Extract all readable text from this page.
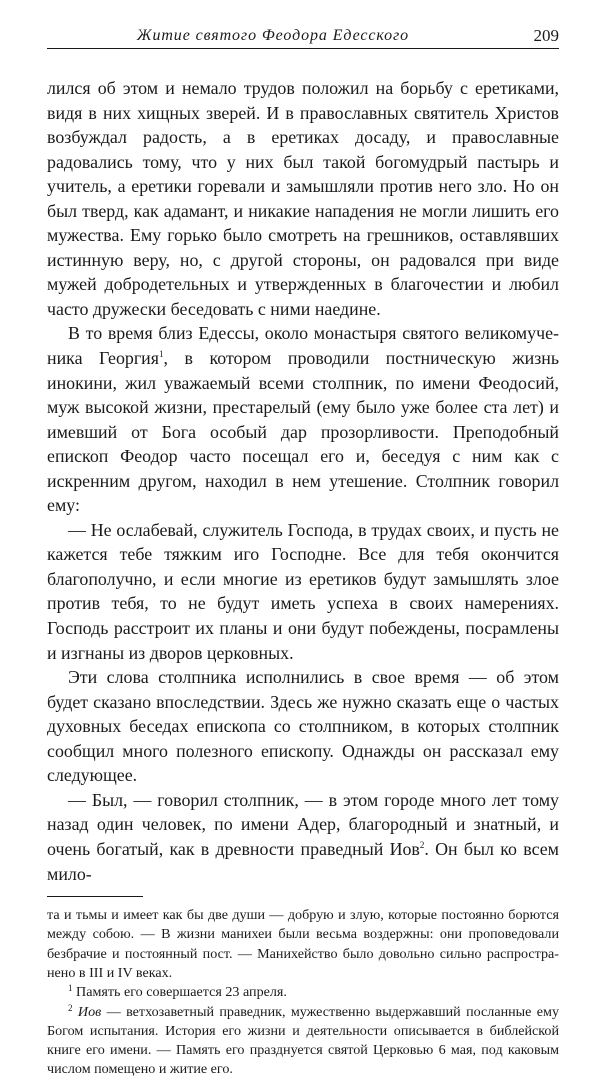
Житие святого Феодора Едесского	209

лился об этом и немало трудов положил на борьбу с еретиками, видя в них хищных зверей. И в православных святитель Христов возбуждал радость, а в еретиках досаду, и православные радовались тому, что у них был такой богомудрый пастырь и учитель, а еретики горевали и замышляли против него зло. Но он был тверд, как адамант, и никакие нападения не могли лишить его мужества. Ему горько было смотреть на грешников, оставлявших истинную веру, но, с другой стороны, он радовался при виде мужей добродетельных и утвержденных в благочестии и любил часто дружески беседовать с ними наедине.

В то время близ Едессы, около монастыря святого великомученика Георгия$^1$, в котором проводили постническую жизнь инокини, жил уважаемый всеми столпник, по имени Феодосий, муж высокой жизни, престарелый (ему было уже более ста лет) и имевший от Бога особый дар прозорливости. Преподобный епископ Феодор часто посещал его и, беседуя с ним как с искренним другом, находил в нем утешение. Столпник говорил ему:

— Не ослабевай, служитель Господа, в трудах своих, и пусть не кажется тебе тяжким иго Господне. Все для тебя окончится благополучно, и если многие из еретиков будут замышлять злое против тебя, то не будут иметь успеха в своих намерениях. Господь расстроит их планы и они будут побеждены, посрамлены и изгнаны из дворов церковных.

Эти слова столпника исполнились в свое время — об этом будет сказано впоследствии. Здесь же нужно сказать еще о частых духовных беседах епископа со столпником, в которых столпник сообщил много полезного епископу. Однажды он рассказал ему следующее.

— Был, — говорил столпник, — в этом городе много лет тому назад один человек, по имени Адер, благородный и знатный, и очень богатый, как в древности праведный Иов$^2$. Он был ко всем мило-

та и тьмы и имеет как бы две души — добрую и злую, которые постоянно борются между собою. — В жизни манихеи были весьма воздержны: они проповедовали безбрачие и постоянный пост. — Манихейство было довольно сильно распространено в III и IV веках.

$^1$ Память его совершается 23 апреля.

$^2$ Иов — ветхозаветный праведник, мужественно выдержавший посланные ему Богом испытания. История его жизни и деятельности описывается в библейской книге его имени. — Память его празднуется святой Церковью 6 мая, под каковым числом помещено и житие его.
